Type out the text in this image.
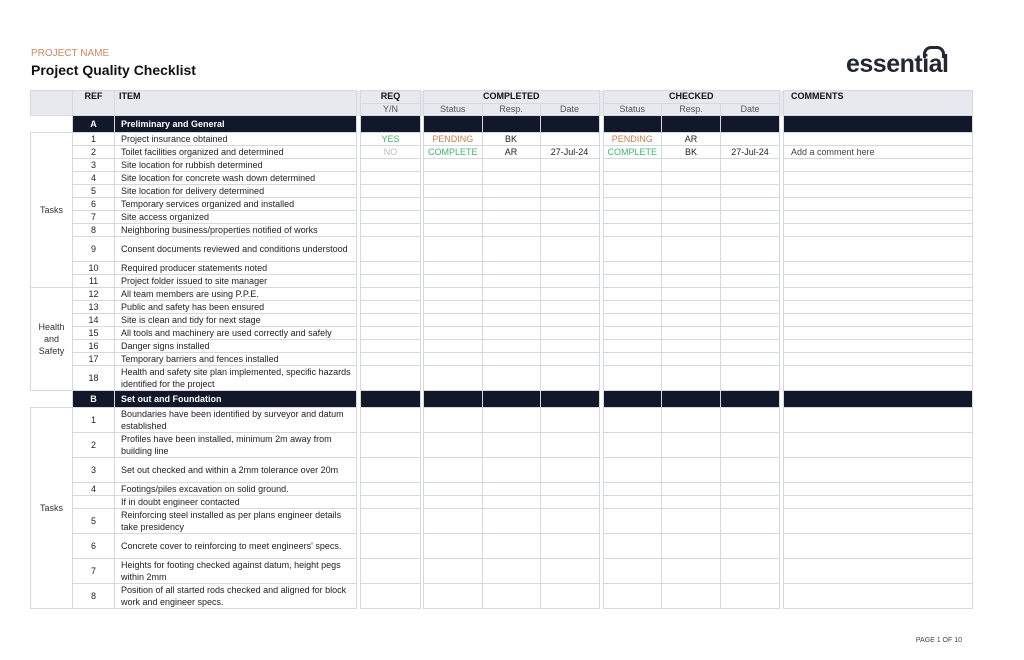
PROJECT NAME
Project Quality Checklist	essential
	REF	ITEM		REQ		COMPLETED				CHECKED				COMMENTS
				Y/N		Status	Resp.	Date		Status	Resp.	Date		
	A	Preliminary and General												
Tasks	1	Project insurance obtained		YES		PENDING	BK			PENDING	AR			
	2	Toilet facilities organized and determined		NO		COMPLETE	AR	27-Jul-24		COMPLETE	BK	27-Jul-24		Add a comment here
	3	Site location for rubbish determined												
	4	Site location for concrete wash down determined												
	5	Site location for delivery determined												
	6	Temporary services organized and installed												
	7	Site access organized												
	8	Neighboring business/properties notified of works												
	9	Consent documents reviewed and conditions understood												
	10	Required producer statements noted												
	11	Project folder issued to site manager												
Health and Safety	12	All team members are using P.P.E.												
	13	Public and safety has been ensured												
	14	Site is clean and tidy for next stage												
	15	All tools and machinery are used correctly and safely												
	16	Danger signs installed												
	17	Temporary barriers and fences installed												
	18	Health and safety site plan implemented, specific hazards identified for the project												
	B	Set out and Foundation												
Tasks	1	Boundaries have been identified by surveyor and datum established												
	2	Profiles have been installed, minimum 2m away from building line												
	3	Set out checked and within a 2mm tolerance over 20m												
	4	Footings/piles excavation on solid ground.												
		If in doubt engineer contacted												
	5	Reinforcing steel installed as per plans engineer details take presidency												
	6	Concrete cover to reinforcing to meet engineers' specs.												
	7	Heights for footing checked against datum, height pegs within 2mm												
	8	Position of all started rods checked and aligned for block work and engineer specs.												
PAGE 1 OF 10
